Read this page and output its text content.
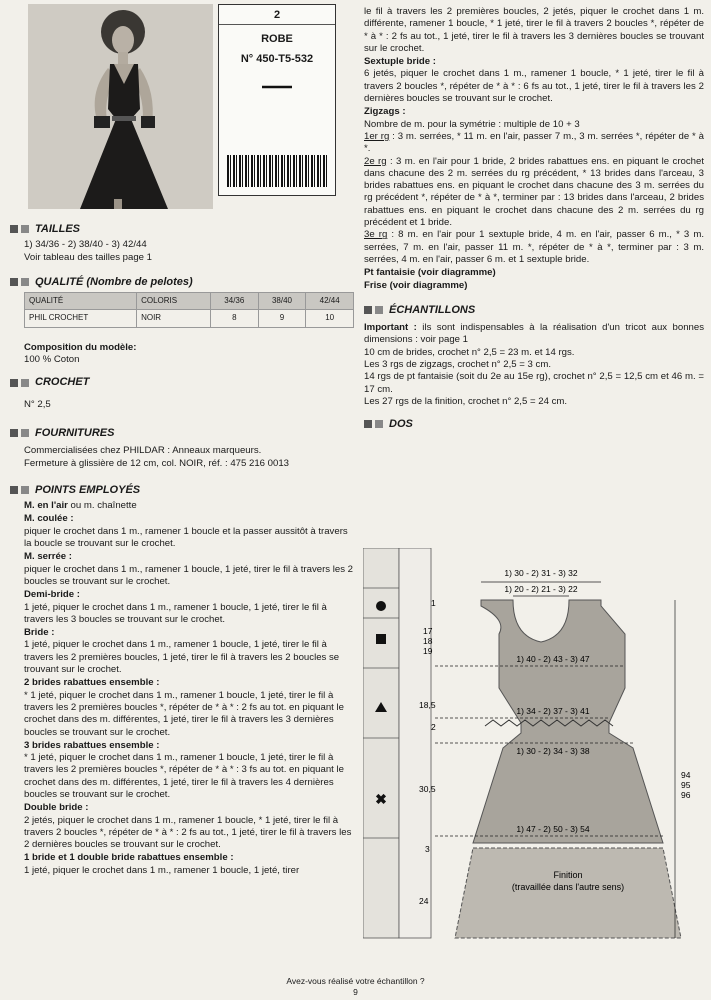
2
ROBE
N° 450-T5-532
TAILLES
1) 34/36 - 2) 38/40 - 3) 42/44
Voir tableau des tailles page 1
QUALITÉ (Nombre de pelotes)
QUALITÉ	COLORIS	34/36	38/40	42/44
PHIL CROCHET	NOIR	8	9	10
Composition du modèle:
100 % Coton
CROCHET
N° 2,5
FOURNITURES
Commercialisées chez PHILDAR : Anneaux marqueurs.
Fermeture à glissière de 12 cm, col. NOIR, réf. : 475 216 0013
POINTS EMPLOYÉS
M. en l'air ou m. chaînette
M. coulée :
piquer le crochet dans 1 m., ramener 1 boucle et la passer aussitôt à travers la boucle se trouvant sur le crochet.
M. serrée :
piquer le crochet dans 1 m., ramener 1 boucle, 1 jeté, tirer le fil à travers les 2 boucles se trouvant sur le crochet.
Demi-bride :
1 jeté, piquer le crochet dans 1 m., ramener 1 boucle, 1 jeté, tirer le fil à travers les 3 boucles se trouvant sur le crochet.
Bride :
1 jeté, piquer le crochet dans 1 m., ramener 1 boucle, 1 jeté, tirer le fil à travers les 2 premières boucles, 1 jeté, tirer le fil à travers les 2 boucles se trouvant sur le crochet.
2 brides rabattues ensemble :
* 1 jeté, piquer le crochet dans 1 m., ramener 1 boucle, 1 jeté, tirer le fil à travers les 2 premières boucles *, répéter de * à * : 2 fs au tot. en piquant le crochet dans des m. différentes, 1 jeté, tirer le fil à travers les 3 dernières boucles se trouvant sur le crochet.
3 brides rabattues ensemble :
* 1 jeté, piquer le crochet dans 1 m., ramener 1 boucle, 1 jeté, tirer le fil à travers les 2 premières boucles *, répéter de * à * : 3 fs au tot. en piquant le crochet dans des m. différentes, 1 jeté, tirer le fil à travers les 4 dernières boucles se trouvant sur le crochet.
Double bride :
2 jetés, piquer le crochet dans 1 m., ramener 1 boucle, * 1 jeté, tirer le fil à travers 2 boucles *, répéter de * à * : 2 fs au tot., 1 jeté, tirer le fil à travers les 2 dernières boucles se trouvant sur le crochet.
1 bride et 1 double bride rabattues ensemble :
1 jeté, piquer le crochet dans 1 m., ramener 1 boucle, 1 jeté, tirer
le fil à travers les 2 premières boucles, 2 jetés, piquer le crochet dans 1 m. différente, ramener 1 boucle, * 1 jeté, tirer le fil à travers 2 boucles *, répéter de * à * : 2 fs au tot., 1 jeté, tirer le fil à travers les 3 dernières boucles se trouvant sur le crochet.
Sextuple bride :
6 jetés, piquer le crochet dans 1 m., ramener 1 boucle, * 1 jeté, tirer le fil à travers 2 boucles *, répéter de * à * : 6 fs au tot., 1 jeté, tirer le fil à travers les 2 dernières boucles se trouvant sur le crochet.
Zigzags :
Nombre de m. pour la symétrie : multiple de 10 + 3
1er rg : 3 m. serrées, * 11 m. en l'air, passer 7 m., 3 m. serrées *, répéter de * à *.
2e rg : 3 m. en l'air pour 1 bride, 2 brides rabattues ens. en piquant le crochet dans chacune des 2 m. serrées du rg précédent, * 13 brides dans l'arceau, 3 brides rabattues ens. en piquant le crochet dans chacune des 3 m. serrées du rg précédent *, répéter de * à *, terminer par : 13 brides dans l'arceau, 2 brides rabattues ens. en piquant le crochet dans chacune des 2 m. serrées du rg précédent et 1 bride.
3e rg : 8 m. en l'air pour 1 sextuple bride, 4 m. en l'air, passer 6 m., * 3 m. serrées, 7 m. en l'air, passer 11 m. *, répéter de * à *, terminer par : 3 m. serrées, 4 m. en l'air, passer 6 m. et 1 sextuple bride.
Pt fantaisie (voir diagramme)
Frise (voir diagramme)
ÉCHANTILLONS
Important : ils sont indispensables à la réalisation d'un tricot aux bonnes dimensions : voir page 1
10 cm de brides, crochet n° 2,5 = 23 m. et 14 rgs.
Les 3 rgs de zigzags, crochet n° 2,5 = 3 cm.
14 rgs de pt fantaisie (soit du 2e au 15e rg), crochet n° 2,5 = 12,5 cm et 46 m. = 17 cm.
Les 27 rgs de la finition, crochet n° 2,5 = 24 cm.
DOS
✖
1) 30 - 2) 31 - 3) 32
1) 20 - 2) 21 - 3) 22
1) 40 - 2) 43 - 3) 47
1) 34 - 2) 37 - 3) 41
1) 30 - 2) 34 - 3) 38
1) 47 - 2) 50 - 3) 54
1
17
18
19
18,5
2
30,5
3
24
94
95
96
Finition
(travaillée dans l'autre sens)
Avez-vous réalisé votre échantillon ?
9
